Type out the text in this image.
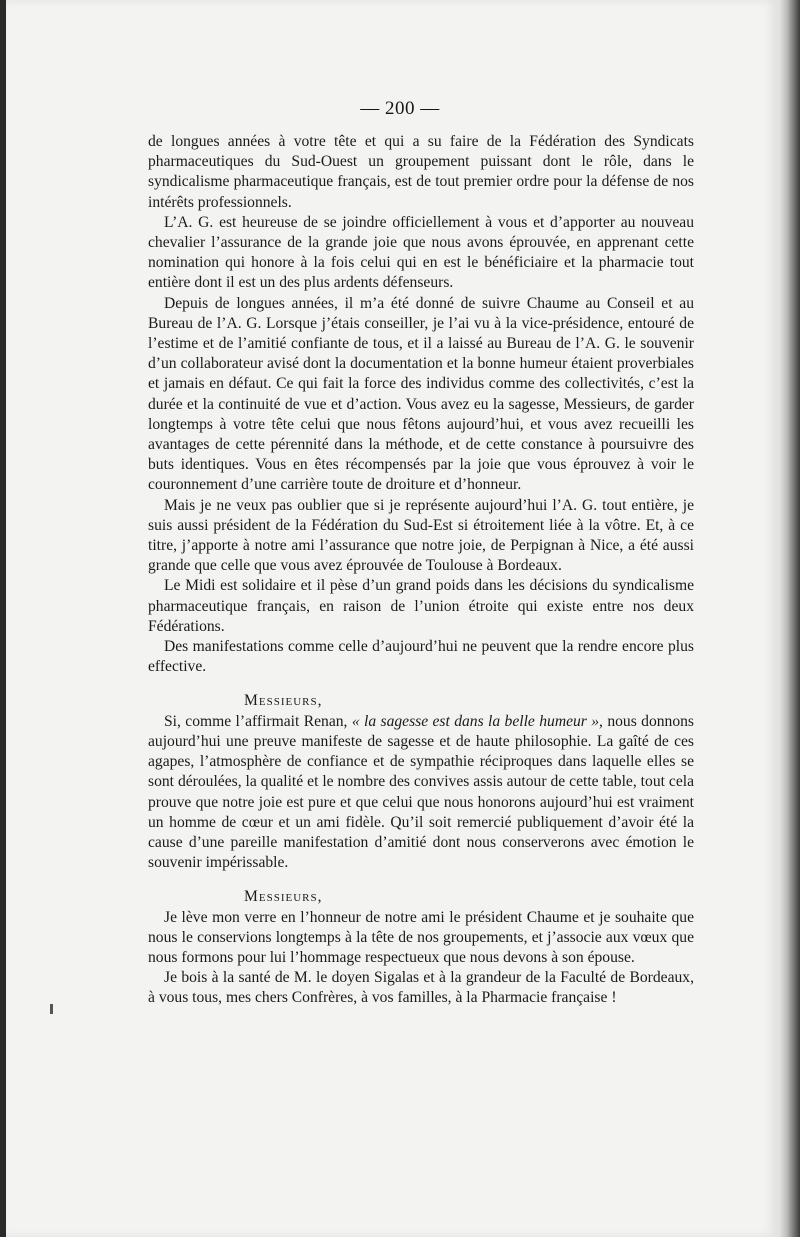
— 200 —

de longues années à votre tête et qui a su faire de la Fédération des Syndicats pharmaceutiques du Sud-Ouest un groupement puissant dont le rôle, dans le syndicalisme pharmaceutique français, est de tout premier ordre pour la défense de nos intérêts professionnels.

L’A. G. est heureuse de se joindre officiellement à vous et d’apporter au nouveau chevalier l’assurance de la grande joie que nous avons éprouvée, en apprenant cette nomination qui honore à la fois celui qui en est le bénéficiaire et la pharmacie tout entière dont il est un des plus ardents défenseurs.

Depuis de longues années, il m’a été donné de suivre Chaume au Conseil et au Bureau de l’A. G. Lorsque j’étais conseiller, je l’ai vu à la vice-présidence, entouré de l’estime et de l’amitié confiante de tous, et il a laissé au Bureau de l’A. G. le souvenir d’un collaborateur avisé dont la documentation et la bonne humeur étaient proverbiales et jamais en défaut. Ce qui fait la force des individus comme des collectivités, c’est la durée et la continuité de vue et d’action. Vous avez eu la sagesse, Messieurs, de garder longtemps à votre tête celui que nous fêtons aujourd’hui, et vous avez recueilli les avantages de cette pérennité dans la méthode, et de cette constance à poursuivre des buts identiques. Vous en êtes récompensés par la joie que vous éprouvez à voir le couronnement d’une carrière toute de droiture et d’honneur.

Mais je ne veux pas oublier que si je représente aujourd’hui l’A. G. tout entière, je suis aussi président de la Fédération du Sud-Est si étroitement liée à la vôtre. Et, à ce titre, j’apporte à notre ami l’assurance que notre joie, de Perpignan à Nice, a été aussi grande que celle que vous avez éprouvée de Toulouse à Bordeaux.

Le Midi est solidaire et il pèse d’un grand poids dans les décisions du syndicalisme pharmaceutique français, en raison de l’union étroite qui existe entre nos deux Fédérations.

Des manifestations comme celle d’aujourd’hui ne peuvent que la rendre encore plus effective.

Messieurs,

Si, comme l’affirmait Renan, « la sagesse est dans la belle humeur », nous donnons aujourd’hui une preuve manifeste de sagesse et de haute philosophie. La gaîté de ces agapes, l’atmosphère de confiance et de sympathie réciproques dans laquelle elles se sont déroulées, la qualité et le nombre des convives assis autour de cette table, tout cela prouve que notre joie est pure et que celui que nous honorons aujourd’hui est vraiment un homme de cœur et un ami fidèle. Qu’il soit remercié publiquement d’avoir été la cause d’une pareille manifestation d’amitié dont nous conserverons avec émotion le souvenir impérissable.

Messieurs,

Je lève mon verre en l’honneur de notre ami le président Chaume et je souhaite que nous le conservions longtemps à la tête de nos groupements, et j’associe aux vœux que nous formons pour lui l’hommage respectueux que nous devons à son épouse.

Je bois à la santé de M. le doyen Sigalas et à la grandeur de la Faculté de Bordeaux, à vous tous, mes chers Confrères, à vos familles, à la Pharmacie française !
